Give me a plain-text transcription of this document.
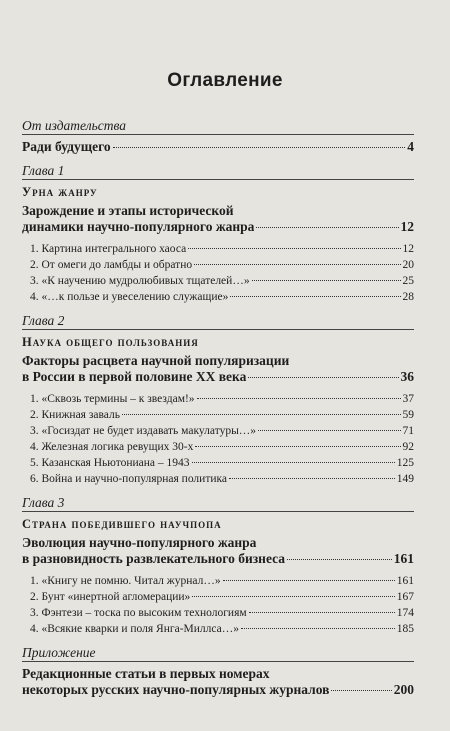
Оглавление
От издательства
Ради будущего	4
Глава 1
Урна жанру
Зарождение и этапы исторической
динамики научно-популярного жанра	12
1. Картина интегрального хаоса	12
2. От омеги до ламбды и обратно	20
3. «К научению мудролюбивых тщателей…»	25
4. «…к пользе и увеселению служащие»	28
Глава 2
Наука общего пользования
Факторы расцвета научной популяризации
в России в первой половине XX века	36
1. «Сквозь термины – к звездам!»	37
2. Книжная заваль	59
3. «Госиздат не будет издавать макулатуры…»	71
4. Железная логика ревущих 30-х	92
5. Казанская Ньютониана – 1943	125
6. Война и научно-популярная политика	149
Глава 3
Страна победившего научпопа
Эволюция научно-популярного жанра
в разновидность развлекательного бизнеса	161
1. «Книгу не помню. Читал журнал…»	161
2. Бунт «инертной агломерации»	167
3. Фэнтези – тоска по высоким технологиям	174
4. «Всякие кварки и поля Янга-Миллса…»	185
Приложение
Редакционные статьи в первых номерах
некоторых русских научно-популярных журналов	200
